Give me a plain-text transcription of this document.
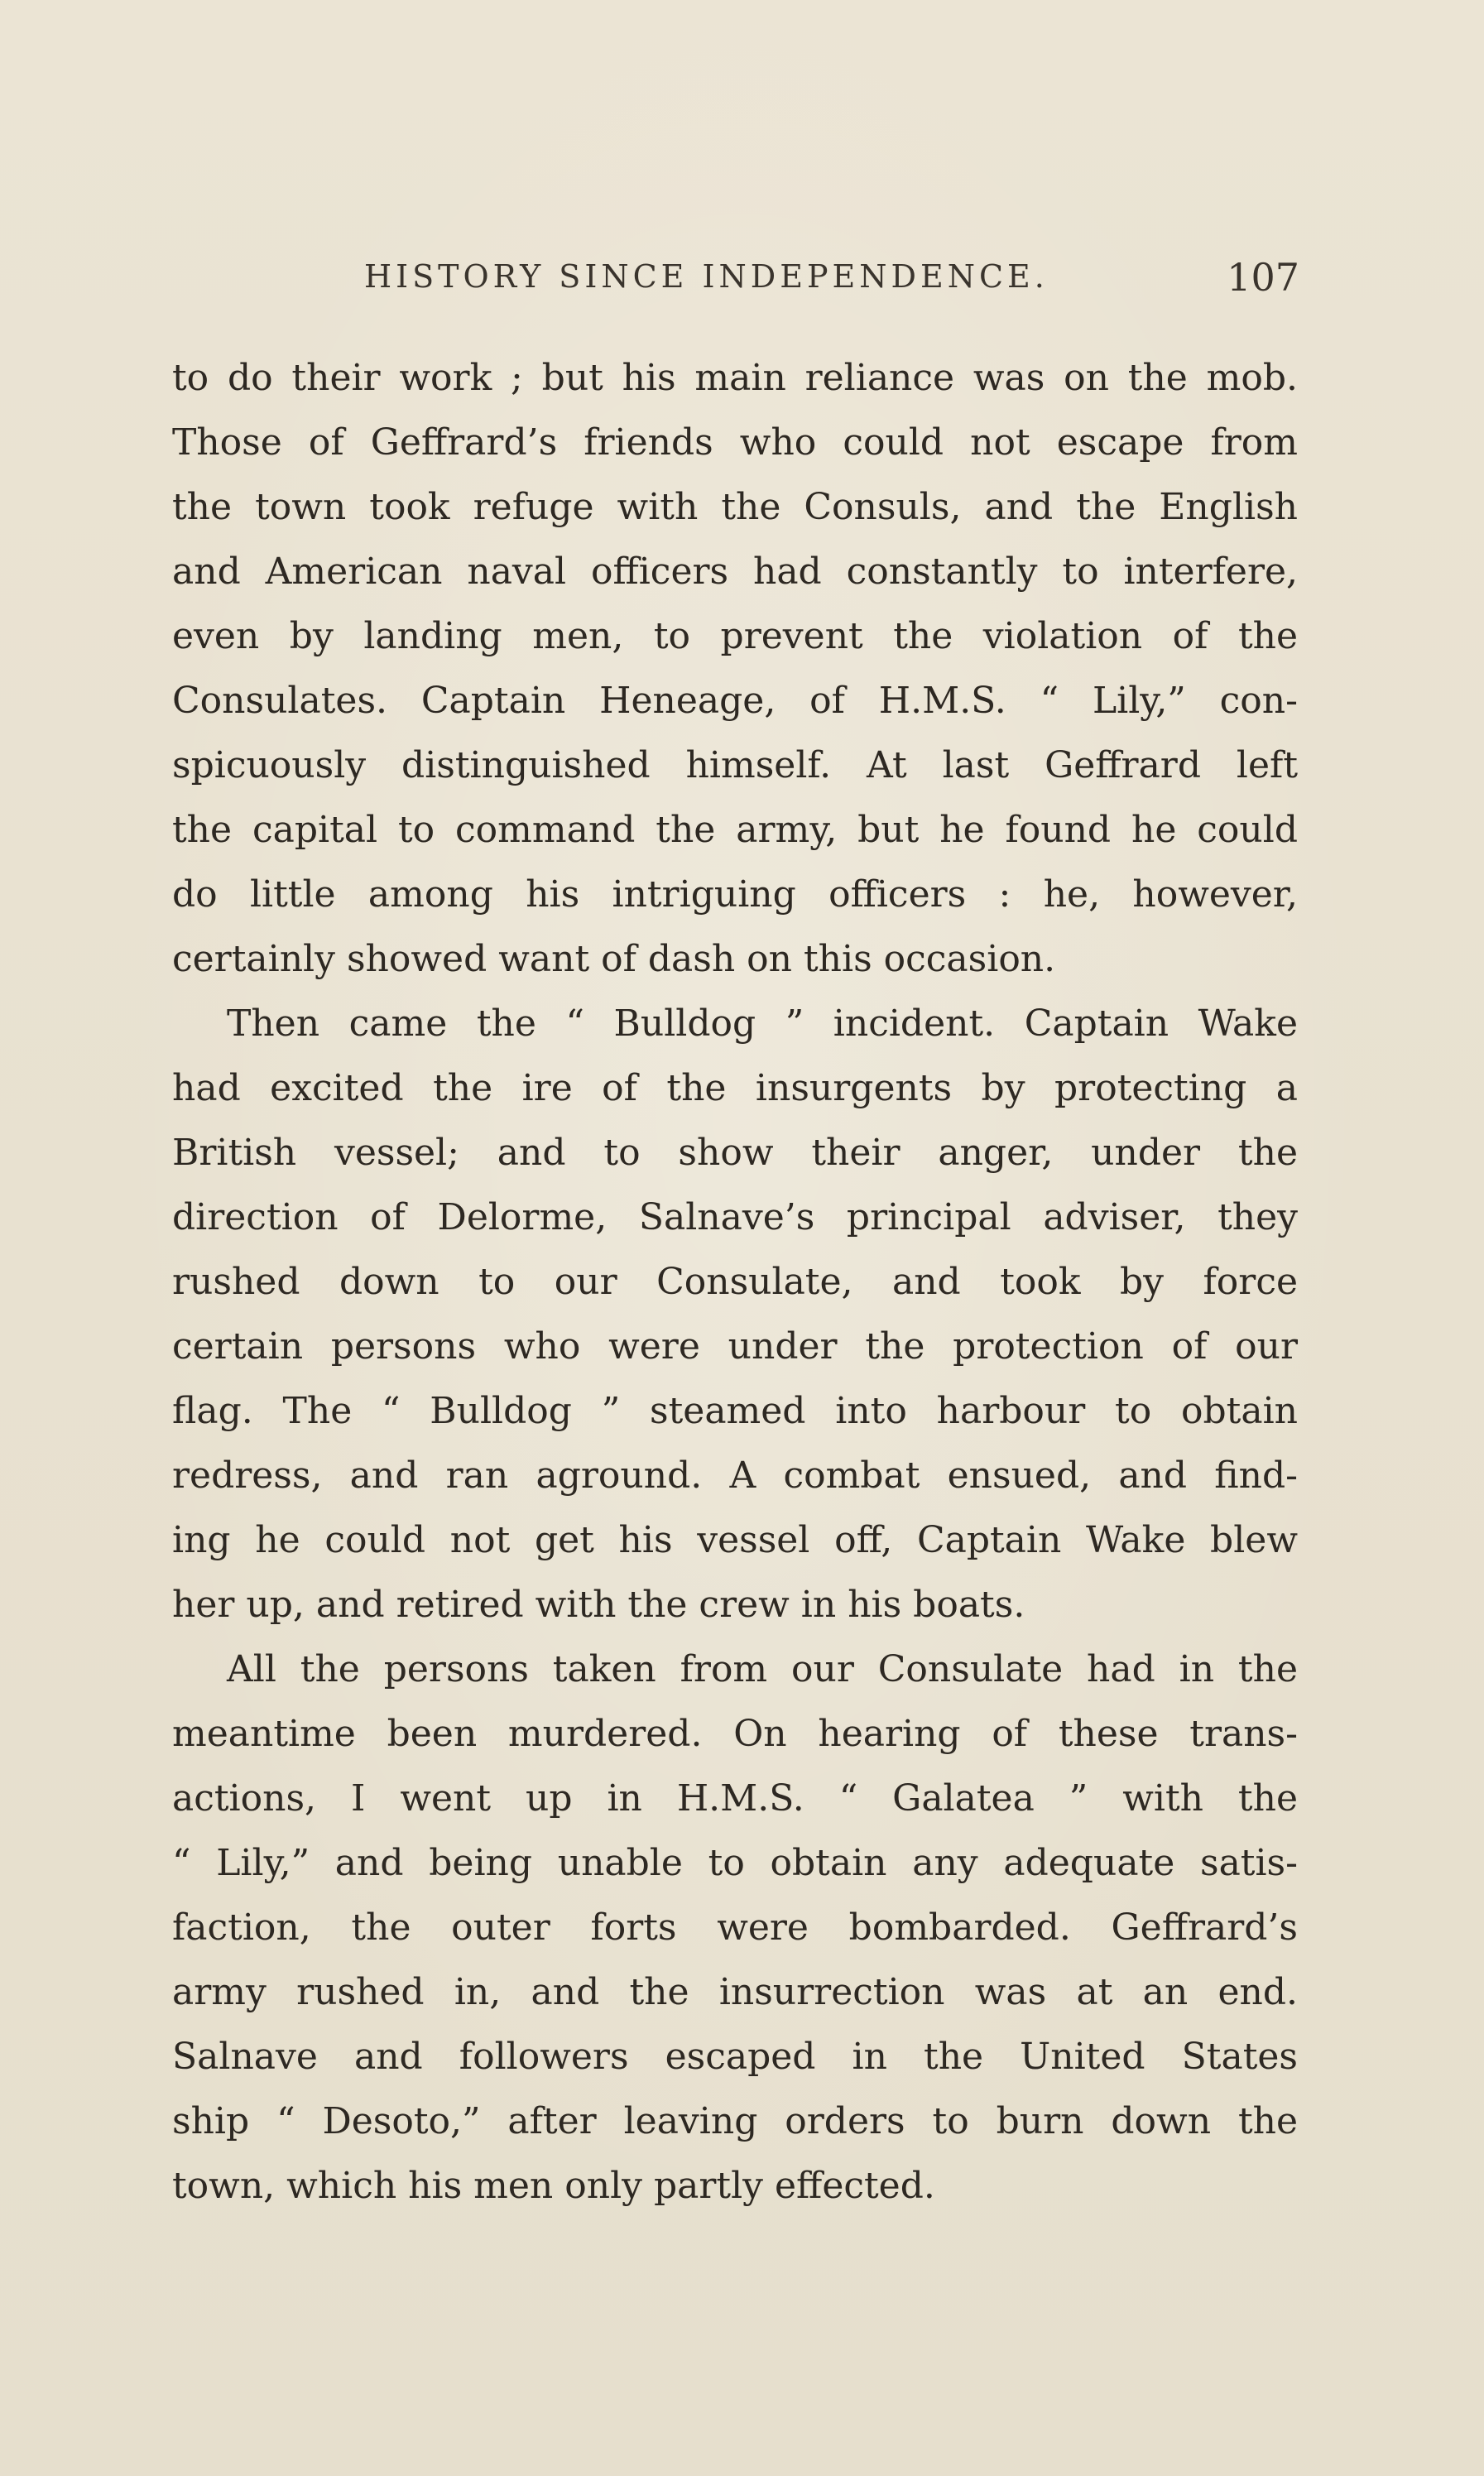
HISTORY SINCE INDEPENDENCE.	107
to do their work ; but his main reliance was on the mob.
Those of Geffrard’s friends who could not escape from
the town took refuge with the Consuls, and the English
and American naval officers had constantly to interfere,
even by landing men, to prevent the violation of the
Consulates. Captain Heneage, of H.M.S. “ Lily,” con-
spicuously distinguished himself. At last Geffrard left
the capital to command the army, but he found he could
do little among his intriguing officers : he, however,
certainly showed want of dash on this occasion.
Then came the “ Bulldog ” incident. Captain Wake
had excited the ire of the insurgents by protecting a
British vessel; and to show their anger, under the
direction of Delorme, Salnave’s principal adviser, they
rushed down to our Consulate, and took by force
certain persons who were under the protection of our
flag. The “ Bulldog ” steamed into harbour to obtain
redress, and ran aground. A combat ensued, and find-
ing he could not get his vessel off, Captain Wake blew
her up, and retired with the crew in his boats.
All the persons taken from our Consulate had in the
meantime been murdered. On hearing of these trans-
actions, I went up in H.M.S. “ Galatea ” with the
“ Lily,” and being unable to obtain any adequate satis-
faction, the outer forts were bombarded. Geffrard’s
army rushed in, and the insurrection was at an end.
Salnave and followers escaped in the United States
ship “ Desoto,” after leaving orders to burn down the
town, which his men only partly effected.
